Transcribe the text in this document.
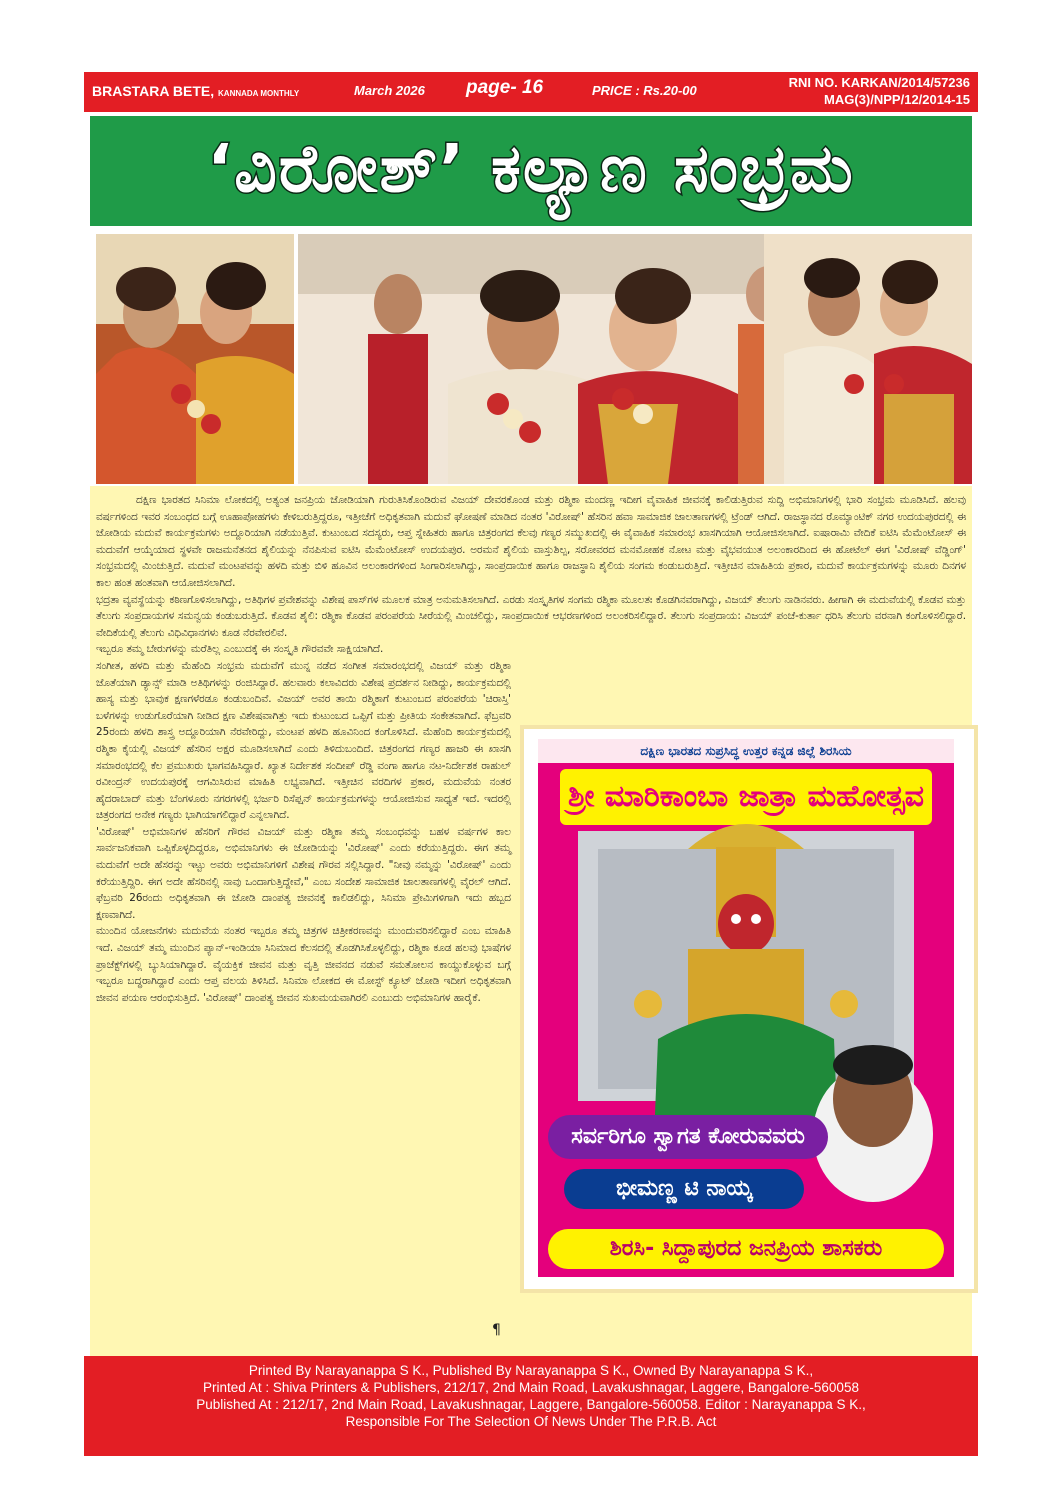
BRASTARA BETE, KANNADA MONTHLY	March 2026 page- 16	PRICE : Rs.20-00
RNI NO. KARKAN/2014/57236
MAG(3)/NPP/12/2014-15
‘ವಿರೋಶ್’ ಕಲ್ಯಾಣ ಸಂಭ್ರಮ

ದಕ್ಷಿಣ ಭಾರತದ ಸಿನಿಮಾ ಲೋಕದಲ್ಲಿ ಅತ್ಯಂತ ಜನಪ್ರಿಯ ಜೋಡಿಯಾಗಿ ಗುರುತಿಸಿಕೊಂಡಿರುವ ವಿಜಯ್ ದೇವರಕೊಂಡ ಮತ್ತು ರಶ್ಮಿಕಾ ಮಂದಣ್ಣ ಇದೀಗ ವೈವಾಹಿಕ ಜೀವನಕ್ಕೆ ಕಾಲಿಡುತ್ತಿರುವ ಸುದ್ದಿ ಅಭಿಮಾನಿಗಳಲ್ಲಿ ಭಾರಿ ಸಂಭ್ರಮ ಮೂಡಿಸಿದೆ. ಹಲವು ವರ್ಷಗಳಿಂದ ಇವರ ಸಂಬಂಧದ ಬಗ್ಗೆ ಊಹಾಪೋಹಗಳು ಕೇಳಿಬರುತ್ತಿದ್ದರೂ, ಇತ್ತೀಚೆಗೆ ಅಧಿಕೃತವಾಗಿ ಮದುವೆ ಘೋಷಣೆ ಮಾಡಿದ ನಂತರ 'ವಿರೋಷ್' ಹೆಸರಿನ ಹವಾ ಸಾಮಾಜಿಕ ಜಾಲತಾಣಗಳಲ್ಲಿ ಟ್ರೆಂಡ್ ಆಗಿದೆ. ರಾಜಸ್ಥಾನದ ರೊಮ್ಯಾಂಟಿಕ್ ನಗರ ಉದಯಪುರದಲ್ಲಿ ಈ ಜೋಡಿಯ ಮದುವೆ ಕಾರ್ಯಕ್ರಮಗಳು ಅದ್ದೂರಿಯಾಗಿ ನಡೆಯುತ್ತಿವೆ. ಕುಟುಂಬದ ಸದಸ್ಯರು, ಆಪ್ತ ಸ್ನೇಹಿತರು ಹಾಗೂ ಚಿತ್ರರಂಗದ ಕೆಲವು ಗಣ್ಯರ ಸಮ್ಮುಖದಲ್ಲಿ ಈ ವೈವಾಹಿಕ ಸಮಾರಂಭ ಖಾಸಗಿಯಾಗಿ ಆಯೋಜಿಸಲಾಗಿದೆ. ಐಷಾರಾಮಿ ವೇದಿಕೆ ಐಟಿಸಿ ಮೆಮೆಂಟೋಸ್ ಈ ಮದುವೆಗೆ ಆಯ್ಕೆಯಾದ ಸ್ಥಳವೇ ರಾಜಮನೆತನದ ಶೈಲಿಯನ್ನು ನೆನಪಿಸುವ ಐಟಿಸಿ ಮೆಮೆಂಟೋಸ್ ಉದಯಪುರ. ಅರಮನೆ ಶೈಲಿಯ ವಾಸ್ತುಶಿಲ್ಪ, ಸರೋವರದ ಮನಮೋಹಕ ನೋಟ ಮತ್ತು ವೈಭವಯುತ ಅಲಂಕಾರದಿಂದ ಈ ಹೋಟೆಲ್ ಈಗ 'ವಿರೋಷ್ ವೆಡ್ಡಿಂಗ್' ಸಂಭ್ರಮದಲ್ಲಿ ಮಿಂಚುತ್ತಿದೆ. ಮದುವೆ ಮಂಟಪವನ್ನು ಹಳದಿ ಮತ್ತು ಬಿಳಿ ಹೂವಿನ ಅಲಂಕಾರಗಳಿಂದ ಸಿಂಗಾರಿಸಲಾಗಿದ್ದು, ಸಾಂಪ್ರದಾಯಿಕ ಹಾಗೂ ರಾಜಸ್ಥಾನಿ ಶೈಲಿಯ ಸಂಗಮ ಕಂಡುಬರುತ್ತಿದೆ. ಇತ್ತೀಚಿನ ಮಾಹಿತಿಯ ಪ್ರಕಾರ, ಮದುವೆ ಕಾರ್ಯಕ್ರಮಗಳನ್ನು ಮೂರು ದಿನಗಳ ಕಾಲ ಹಂತ ಹಂತವಾಗಿ ಆಯೋಜಿಸಲಾಗಿದೆ.

ಭದ್ರತಾ ವ್ಯವಸ್ಥೆಯನ್ನು ಕಠಿಣಗೊಳಿಸಲಾಗಿದ್ದು, ಅತಿಥಿಗಳ ಪ್ರವೇಶವನ್ನು ವಿಶೇಷ ಪಾಸ್‌ಗಳ ಮೂಲಕ ಮಾತ್ರ ಅನುಮತಿಸಲಾಗಿದೆ. ಎರಡು ಸಂಸ್ಕೃತಿಗಳ ಸಂಗಮ ರಶ್ಮಿಕಾ ಮೂಲತಃ ಕೊಡಗಿನವರಾಗಿದ್ದು, ವಿಜಯ್ ತೆಲುಗು ನಾಡಿನವರು. ಹೀಗಾಗಿ ಈ ಮದುವೆಯಲ್ಲಿ ಕೊಡವ ಮತ್ತು ತೆಲುಗು ಸಂಪ್ರದಾಯಗಳ ಸಮನ್ವಯ ಕಂಡುಬರುತ್ತಿದೆ. ಕೊಡವ ಶೈಲಿ: ರಶ್ಮಿಕಾ ಕೊಡವ ಪರಂಪರೆಯ ಸೀರೆಯಲ್ಲಿ ಮಿಂಚಲಿದ್ದು, ಸಾಂಪ್ರದಾಯಿಕ ಆಭರಣಗಳಿಂದ ಅಲಂಕರಿಸಲಿದ್ದಾರೆ. ತೆಲುಗು ಸಂಪ್ರದಾಯ: ವಿಜಯ್ ಪಂಚೆ-ಕುರ್ತಾ ಧರಿಸಿ ತೆಲುಗು ವರನಾಗಿ ಕಂಗೊಳಿಸಲಿದ್ದಾರೆ. ವೇದಿಕೆಯಲ್ಲಿ ತೆಲುಗು ವಿಧಿವಿಧಾನಗಳು ಕೂಡ ನೆರವೇರಲಿವೆ.

ಇಬ್ಬರೂ ತಮ್ಮ ಬೇರುಗಳನ್ನು ಮರೆತಿಲ್ಲ ಎಂಬುದಕ್ಕೆ ಈ ಸಂಸ್ಕೃತಿ ಗೌರವವೇ ಸಾಕ್ಷಿಯಾಗಿದೆ.

ಸಂಗೀತ, ಹಳದಿ ಮತ್ತು ಮೆಹೆಂದಿ ಸಂಭ್ರಮ ಮದುವೆಗೆ ಮುನ್ನ ನಡೆದ ಸಂಗೀತ ಸಮಾರಂಭದಲ್ಲಿ ವಿಜಯ್ ಮತ್ತು ರಶ್ಮಿಕಾ ಜೊತೆಯಾಗಿ ಡ್ಯಾನ್ಸ್ ಮಾಡಿ ಅತಿಥಿಗಳನ್ನು ರಂಜಿಸಿದ್ದಾರೆ. ಹಲವಾರು ಕಲಾವಿದರು ವಿಶೇಷ ಪ್ರದರ್ಶನ ನೀಡಿದ್ದು, ಕಾರ್ಯಕ್ರಮದಲ್ಲಿ ಹಾಸ್ಯ ಮತ್ತು ಭಾವುಕ ಕ್ಷಣಗಳೆರಡೂ ಕಂಡುಬಂದಿವೆ. ವಿಜಯ್ ಅವರ ತಾಯಿ ರಶ್ಮಿಕಾಗೆ ಕುಟುಂಬದ ಪರಂಪರೆಯ 'ಚಿರಾಸ್ತಿ' ಬಳೆಗಳನ್ನು ಉಡುಗೊರೆಯಾಗಿ ನೀಡಿದ ಕ್ಷಣ ವಿಶೇಷವಾಗಿತ್ತು ಇದು ಕುಟುಂಬದ ಒಪ್ಪಿಗೆ ಮತ್ತು ಪ್ರೀತಿಯ ಸಂಕೇತವಾಗಿದೆ. ಫೆಬ್ರವರಿ 25ರಂದು ಹಳದಿ ಶಾಸ್ತ್ರ ಅದ್ದೂರಿಯಾಗಿ ನೆರವೇರಿದ್ದು, ಮಂಟಪ ಹಳದಿ ಹೂವಿನಿಂದ ಕಂಗೊಳಿಸಿದೆ. ಮೆಹೆಂದಿ ಕಾರ್ಯಕ್ರಮದಲ್ಲಿ ರಶ್ಮಿಕಾ ಕೈಯಲ್ಲಿ ವಿಜಯ್ ಹೆಸರಿನ ಅಕ್ಷರ ಮೂಡಿಸಲಾಗಿದೆ ಎಂದು ತಿಳಿದುಬಂದಿದೆ. ಚಿತ್ರರಂಗದ ಗಣ್ಯರ ಹಾಜರಿ ಈ ಖಾಸಗಿ ಸಮಾರಂಭದಲ್ಲಿ ಕೆಲ ಪ್ರಮುಖರು ಭಾಗವಹಿಸಿದ್ದಾರೆ. ಖ್ಯಾತ ನಿರ್ದೇಶಕ ಸಂದೀಪ್ ರೆಡ್ಡಿ ವಂಗಾ ಹಾಗೂ ನಟ-ನಿರ್ದೇಶಕ ರಾಹುಲ್ ರವೀಂದ್ರನ್ ಉದಯಪುರಕ್ಕೆ ಆಗಮಿಸಿರುವ ಮಾಹಿತಿ ಲಭ್ಯವಾಗಿದೆ. ಇತ್ತೀಚಿನ ವರದಿಗಳ ಪ್ರಕಾರ, ಮದುವೆಯ ನಂತರ ಹೈದರಾಬಾದ್ ಮತ್ತು ಬೆಂಗಳೂರು ನಗರಗಳಲ್ಲಿ ಭರ್ಜರಿ ರಿಸೆಪ್ಷನ್ ಕಾರ್ಯಕ್ರಮಗಳನ್ನು ಆಯೋಜಿಸುವ ಸಾಧ್ಯತೆ ಇದೆ. ಇದರಲ್ಲಿ ಚಿತ್ರರಂಗದ ಅನೇಕ ಗಣ್ಯರು ಭಾಗಿಯಾಗಲಿದ್ದಾರೆ ಎನ್ನಲಾಗಿದೆ.

'ವಿರೋಷ್' ಅಭಿಮಾನಿಗಳ ಹೆಸರಿಗೆ ಗೌರವ ವಿಜಯ್ ಮತ್ತು ರಶ್ಮಿಕಾ ತಮ್ಮ ಸಂಬಂಧವನ್ನು ಬಹಳ ವರ್ಷಗಳ ಕಾಲ ಸಾರ್ವಜನಿಕವಾಗಿ ಒಪ್ಪಿಕೊಳ್ಳದಿದ್ದರೂ, ಅಭಿಮಾನಿಗಳು ಈ ಜೋಡಿಯನ್ನು 'ವಿರೋಷ್' ಎಂದು ಕರೆಯುತ್ತಿದ್ದರು. ಈಗ ತಮ್ಮ ಮದುವೆಗೆ ಅದೇ ಹೆಸರನ್ನು ಇಟ್ಟು ಅವರು ಅಭಿಮಾನಿಗಳಿಗೆ ವಿಶೇಷ ಗೌರವ ಸಲ್ಲಿಸಿದ್ದಾರೆ. "ನೀವು ನಮ್ಮನ್ನು 'ವಿರೋಷ್' ಎಂದು ಕರೆಯುತ್ತಿದ್ದಿರಿ. ಈಗ ಅದೇ ಹೆಸರಿನಲ್ಲಿ ನಾವು ಒಂದಾಗುತ್ತಿದ್ದೇವೆ," ಎಂಬ ಸಂದೇಶ ಸಾಮಾಜಿಕ ಜಾಲತಾಣಗಳಲ್ಲಿ ವೈರಲ್ ಆಗಿದೆ. ಫೆಬ್ರವರಿ 26ರಂದು ಅಧಿಕೃತವಾಗಿ ಈ ಜೋಡಿ ದಾಂಪತ್ಯ ಜೀವನಕ್ಕೆ ಕಾಲಿಡಲಿದ್ದು, ಸಿನಿಮಾ ಪ್ರೇಮಿಗಳಿಗಾಗಿ ಇದು ಹಬ್ಬದ ಕ್ಷಣವಾಗಿದೆ.

ಮುಂದಿನ ಯೋಜನೆಗಳು ಮದುವೆಯ ನಂತರ ಇಬ್ಬರೂ ತಮ್ಮ ಚಿತ್ರಗಳ ಚಿತ್ರೀಕರಣವನ್ನು ಮುಂದುವರಿಸಲಿದ್ದಾರೆ ಎಂಬ ಮಾಹಿತಿ ಇದೆ. ವಿಜಯ್ ತಮ್ಮ ಮುಂದಿನ ಪ್ಯಾನ್-ಇಂಡಿಯಾ ಸಿನಿಮಾದ ಕೆಲಸದಲ್ಲಿ ತೊಡಗಿಸಿಕೊಳ್ಳಲಿದ್ದು, ರಶ್ಮಿಕಾ ಕೂಡ ಹಲವು ಭಾಷೆಗಳ ಪ್ರಾಜೆಕ್ಟ್‌ಗಳಲ್ಲಿ ಬ್ಯುಸಿಯಾಗಿದ್ದಾರೆ. ವೈಯಕ್ತಿಕ ಜೀವನ ಮತ್ತು ವೃತ್ತಿ ಜೀವನದ ನಡುವೆ ಸಮತೋಲನ ಕಾಯ್ದುಕೊಳ್ಳುವ ಬಗ್ಗೆ ಇಬ್ಬರೂ ಬದ್ಧರಾಗಿದ್ದಾರೆ ಎಂದು ಆಪ್ತ ವಲಯ ತಿಳಿಸಿದೆ. ಸಿನಿಮಾ ಲೋಕದ ಈ ಮೋಸ್ಟ್ ಕ್ಯೂಟ್ ಜೋಡಿ ಇದೀಗ ಅಧಿಕೃತವಾಗಿ ಜೀವನ ಪಯಣ ಆರಂಭಿಸುತ್ತಿದೆ. 'ವಿರೋಷ್' ದಾಂಪತ್ಯ ಜೀವನ ಸುಖಮಯವಾಗಿರಲಿ ಎಂಬುದು ಅಭಿಮಾನಿಗಳ ಹಾರೈಕೆ.

¶
ದಕ್ಷಿಣ ಭಾರತದ ಸುಪ್ರಸಿದ್ಧ ಉತ್ತರ ಕನ್ನಡ ಜಿಲ್ಲೆ ಶಿರಸಿಯ
ಶ್ರೀ ಮಾರಿಕಾಂಬಾ ಜಾತ್ರಾ ಮಹೋತ್ಸವ
ಸರ್ವರಿಗೂ ಸ್ವಾಗತ ಕೋರುವವರು
ಭೀಮಣ್ಣ ಟಿ ನಾಯ್ಕ
ಶಿರಸಿ- ಸಿದ್ದಾಪುರದ ಜನಪ್ರಿಯ ಶಾಸಕರು
Printed By Narayanappa S K., Published By Narayanappa S K., Owned By Narayanappa S K.,
Printed At : Shiva Printers & Publishers, 212/17, 2nd Main Road, Lavakushnagar, Laggere, Bangalore-560058
Published At : 212/17, 2nd Main Road, Lavakushnagar, Laggere, Bangalore-560058. Editor : Narayanappa S K.,
Responsible For The Selection Of News Under The P.R.B. Act
